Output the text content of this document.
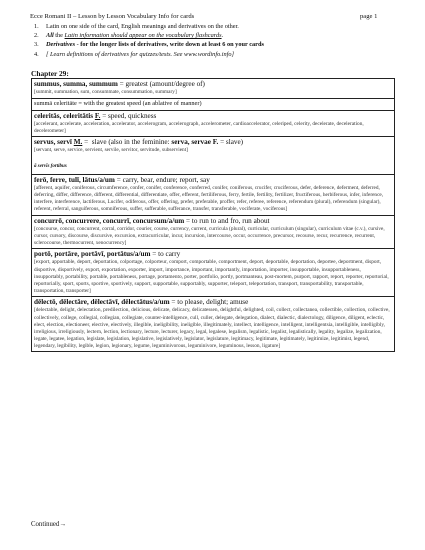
Ecce Romani II – Lesson by Lesson Vocabulary Info for cards	page 1
1. Latin on one side of the card, English meanings and derivatives on the other.
2. All the Latin information should appear on the vocabulary flashcards.
3. Derivatives - for the longer lists of derivatives, write down at least 6 on your cards
4. [ Learn definitions of derivatives for quizzes/tests. See www.wordinfo.info]
Chapter 29:
summus, summa, summum = greatest (amount/degree of)
[summit, summation, sum, consummate, consummation, summary]
summā celeritāte = with the greatest speed (an ablative of manner)
celeritās, celeritātis F. = speed, quickness
[accelerant, accelerate, acceleration, accelerator, accelerogram, accelerograph, accelerometer, cardioaccelerator, celeriped, celerity, decelerate, deceleration, decelerometer]
servus, servī M. =  slave (also in the feminine: serva, servae F. = slave)
[servant, serve, service, servient, servile, servitor, servitude, subservient]
ā servīs fortibus
ferō, ferre, tulī, lātus/a/um = carry, bear, endure; report, say
[afferent, aquifer, coniferous, circumference, confer, conifer, conference, conferred, conifer, coniferous, crucifer, cruciferous, defer, deference, deferment, deferred, deferring, differ, difference, different, differential, differentiate, offer, efferent, fertiliferous, ferry, fertile, fertility, fertilizer, fructiferous, herbiferous, infer, inference, interfere, interference, lactiferous, Lucifer, odiferous, offer, offering, prefer, preferable, proffer, refer, referee, reference, referendum (plural), referendum (singular), referent, referral, sanguiferous, somniferous, suffer, sufferable, sufferance, transfer, transferable, vociferate, vociferous]
concurrō, concurrere, concurrī, concursum/a/um = to run to and fro, run about
[concourse, concur, concurrent, corral, corridor, courier, course, currency, current, curricula (plural), curricular, curriculum (singular), curriculum vitae (c.v.), cursive, cursor, cursory, discourse, discursive, excursion, extracurricular, incur, incursion, intercourse, occur, occurrence, precursor, recourse, recur, recurrence, recurrent, sclerocourse, thermocurrent, xenocurrency]
portō, portāre, portāvī, portātus/a/um = to carry
[export, apportable, deport, deportation, colportage, colporteur, comport, comportable, comportment, deport, deportable, deportation, deportee, deportment, disport, disportive, disportively, export, exportation, exporter, import, importance, important, importantly, importation, importer, insupportable, insupportableness, insupportably, portability, portable, portableness, portage, portamento, porter, portfolio, portly, portmanteau, post-mortem, purport, rapport, report, reporter, reportorial, reportorially, sport, sports, sportive, sportively, support, supportable, supportably, supporter, teleport, teleportation, transport, transportability, transportable, transportation, transporter]
dēlectō, dēlectāre, dēlectāvī, dēlectātus/a/um = to please, delight; amuse
[delectable, delight, delectation, predilection, delicious, delicate, delicacy, delicatessen, delightful, delighted, coil, collect, collectanea, collectible, collection, collective, collectively, college, collegial, collegian, collegiate, counter-intelligence, cull, culler, delegate, delegation, dialect, dialectic, dialectology, diligence, diligent, eclectic, elect, election, electioneer, elective, electively, illegible, ineligibility, ineligible, illegitimately, intellect, intelligence, intelligent, intelligentsia, intelligible, intelligibly, irreligious, irreligiously, lectern, lection, lectionary, lecture, lecturer, legacy, legal, legalese, legalism, legalistic, legalist, legalistically, legality, legalize, legalization, legate, legatee, legation, legislate, legislation, legislative, legislatively, legislator, legislature, legitimacy, legitimate, legitimately, legitimize, legitimist, legend, legendary, legibility, legible, legion, legionary, legume, leguminivorous, leguminivore, leguminous, lesson, ligature]
Continued→
